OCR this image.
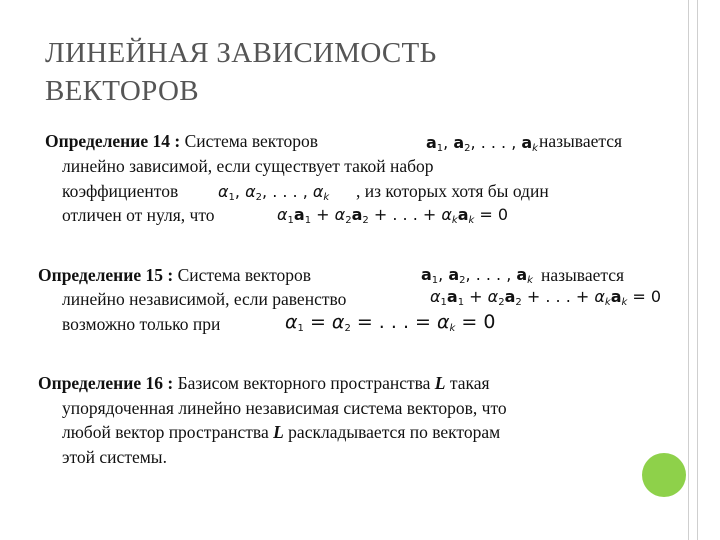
ЛИНЕЙНАЯ ЗАВИСИМОСТЬ
ВЕКТОРОВ
Определение 14 : Система векторов	$a_1$, $a_2$, . . . , $a_k$ называется
линейно зависимой, если существует такой набор
коэффициентов $\alpha_1$, $\alpha_2$, . . . , $\alpha_k$ , из которых хотя бы один
отличен от нуля, что	$\alpha_1a_1 + \alpha_2a_2$ + . . . + $\alpha_ka_k = 0$
Определение 15 : Система векторов	$a_1$, $a_2$, . . . , $a_k$ называется
линейно независимой, если равенство	$\alpha_1a_1 + \alpha_2a_2$ + . . . + $\alpha_ka_k = 0$
возможно только при	$\alpha_1 = \alpha_2$ = . . . = $\alpha_k = 0$
Определение 16 : Базисом векторного пространства L такая
упорядоченная линейно независимая система векторов, что
любой вектор пространства L раскладывается по векторам
этой системы.
